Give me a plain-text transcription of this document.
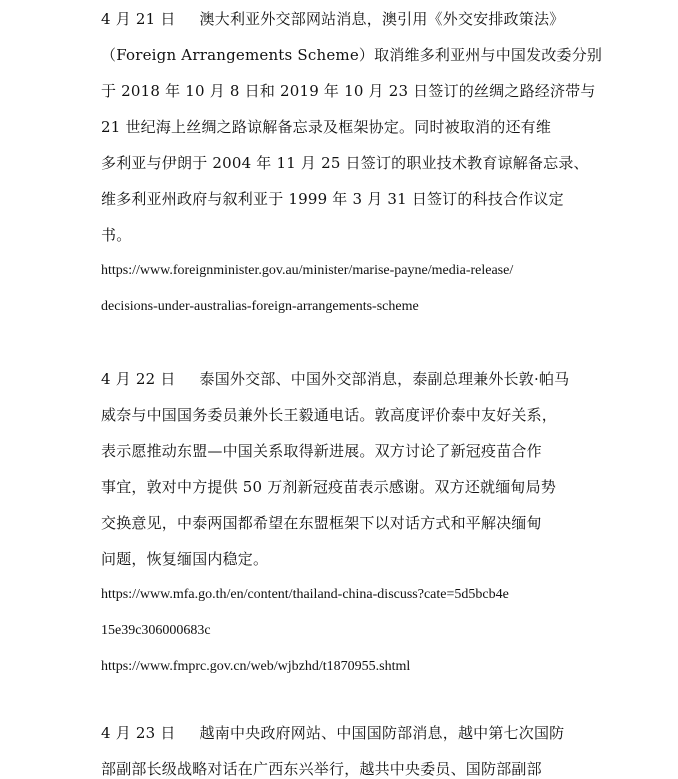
4 月 21 日 澳大利亚外交部网站消息，澳引用《外交安排政策法》
（Foreign Arrangements Scheme）取消维多利亚州与中国发改委分别
于 2018 年 10 月 8 日和 2019 年 10 月 23 日签订的丝绸之路经济带与
21 世纪海上丝绸之路谅解备忘录及框架协定。同时被取消的还有维
多利亚与伊朗于 2004 年 11 月 25 日签订的职业技术教育谅解备忘录、
维多利亚州政府与叙利亚于 1999 年 3 月 31 日签订的科技合作议定
书。
https://www.foreignminister.gov.au/minister/marise-payne/media-release/
decisions-under-australias-foreign-arrangements-scheme
4 月 22 日 泰国外交部、中国外交部消息，泰副总理兼外长敦·帕马
威奈与中国国务委员兼外长王毅通电话。敦高度评价泰中友好关系，
表示愿推动东盟—中国关系取得新进展。双方讨论了新冠疫苗合作
事宜，敦对中方提供 50 万剂新冠疫苗表示感谢。双方还就缅甸局势
交换意见，中泰两国都希望在东盟框架下以对话方式和平解决缅甸
问题，恢复缅国内稳定。
https://www.mfa.go.th/en/content/thailand-china-discuss?cate=5d5bcb4e
15e39c306000683c
https://www.fmprc.gov.cn/web/wjbzhd/t1870955.shtml
4 月 23 日 越南中央政府网站、中国国防部消息，越中第七次国防
部副部长级战略对话在广西东兴举行，越共中央委员、国防部副部
